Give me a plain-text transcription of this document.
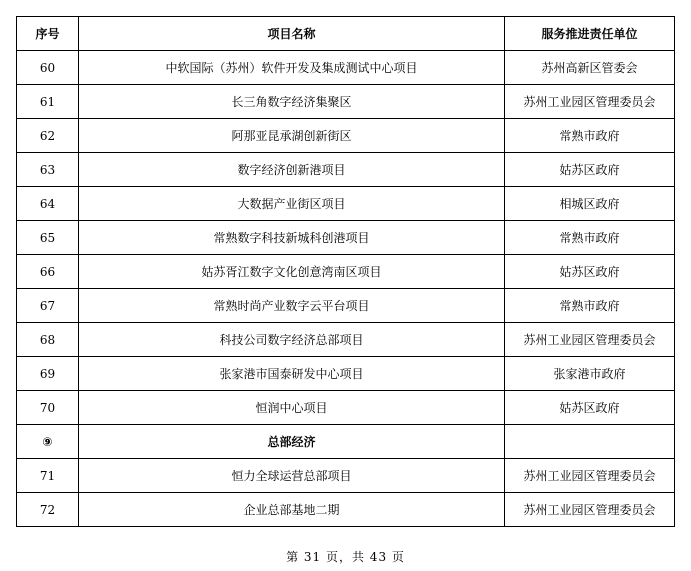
序号	项目名称	服务推进责任单位
60	中软国际（苏州）软件开发及集成测试中心项目	苏州高新区管委会
61	长三角数字经济集聚区	苏州工业园区管理委员会
62	阿那亚昆承湖创新街区	常熟市政府
63	数字经济创新港项目	姑苏区政府
64	大数据产业街区项目	相城区政府
65	常熟数字科技新城科创港项目	常熟市政府
66	姑苏胥江数字文化创意湾南区项目	姑苏区政府
67	常熟时尚产业数字云平台项目	常熟市政府
68	科技公司数字经济总部项目	苏州工业园区管理委员会
69	张家港市国泰研发中心项目	张家港市政府
70	恒润中心项目	姑苏区政府
⑨	总部经济	
71	恒力全球运营总部项目	苏州工业园区管理委员会
72	企业总部基地二期	苏州工业园区管理委员会
第 31 页，共 43 页
